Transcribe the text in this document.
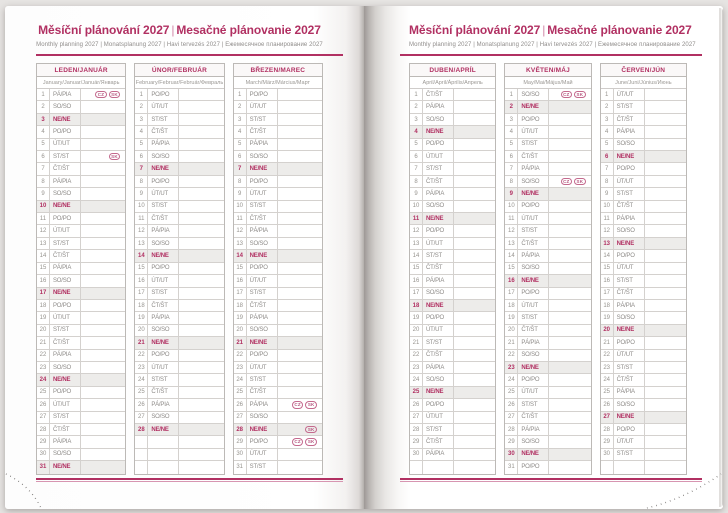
Měsíční plánování 2027 | Mesačné plánovanie 2027

Monthly planning 2027 | Monatsplanung 2027 | Havi tervezés 2027 | Ежемесячное планирование 2027

LEDEN/JANUÁR
January/Januar/Január/Январь
1	PÁ/PIA	CZ	SK
2	SO/SO
3	NE/NE
4	PO/PO
5	ÚT/UT
6	ST/ST	SK
7	ČT/ŠT
8	PÁ/PIA
9	SO/SO
10	NE/NE
11	PO/PO
12	ÚT/UT
13	ST/ST
14	ČT/ŠT
15	PÁ/PIA
16	SO/SO
17	NE/NE
18	PO/PO
19	ÚT/UT
20	ST/ST
21	ČT/ŠT
22	PÁ/PIA
23	SO/SO
24	NE/NE
25	PO/PO
26	ÚT/UT
27	ST/ST
28	ČT/ŠT
29	PÁ/PIA
30	SO/SO
31	NE/NE
ÚNOR/FEBRUÁR
February/Februar/Február/Февраль
1	PO/PO
2	ÚT/UT
3	ST/ST
4	ČT/ŠT
5	PÁ/PIA
6	SO/SO
7	NE/NE
8	PO/PO
9	ÚT/UT
10	ST/ST
11	ČT/ŠT
12	PÁ/PIA
13	SO/SO
14	NE/NE
15	PO/PO
16	ÚT/UT
17	ST/ST
18	ČT/ŠT
19	PÁ/PIA
20	SO/SO
21	NE/NE
22	PO/PO
23	ÚT/UT
24	ST/ST
25	ČT/ŠT
26	PÁ/PIA
27	SO/SO
28	NE/NE
BŘEZEN/MAREC
March/März/Március/Март
1	PO/PO
2	ÚT/UT
3	ST/ST
4	ČT/ŠT
5	PÁ/PIA
6	SO/SO
7	NE/NE
8	PO/PO
9	ÚT/UT
10	ST/ST
11	ČT/ŠT
12	PÁ/PIA
13	SO/SO
14	NE/NE
15	PO/PO
16	ÚT/UT
17	ST/ST
18	ČT/ŠT
19	PÁ/PIA
20	SO/SO
21	NE/NE
22	PO/PO
23	ÚT/UT
24	ST/ST
25	ČT/ŠT
26	PÁ/PIA	CZ	SK
27	SO/SO
28	NE/NE	SK
29	PO/PO	CZ	SK
30	ÚT/UT
31	ST/ST
Měsíční plánování 2027 | Mesačné plánovanie 2027

Monthly planning 2027 | Monatsplanung 2027 | Havi tervezés 2027 | Ежемесячное планирование 2027

DUBEN/APRÍL
April/April/Április/Апрель
1	ČT/ŠT
2	PÁ/PIA
3	SO/SO
4	NE/NE
5	PO/PO
6	ÚT/UT
7	ST/ST
8	ČT/ŠT
9	PÁ/PIA
10	SO/SO
11	NE/NE
12	PO/PO
13	ÚT/UT
14	ST/ST
15	ČT/ŠT
16	PÁ/PIA
17	SO/SO
18	NE/NE
19	PO/PO
20	ÚT/UT
21	ST/ST
22	ČT/ŠT
23	PÁ/PIA
24	SO/SO
25	NE/NE
26	PO/PO
27	ÚT/UT
28	ST/ST
29	ČT/ŠT
30	PÁ/PIA
KVĚTEN/MÁJ
May/Mai/Május/Май
1	SO/SO	CZ	SK
2	NE/NE
3	PO/PO
4	ÚT/UT
5	ST/ST
6	ČT/ŠT
7	PÁ/PIA
8	SO/SO	CZ	SK
9	NE/NE
10	PO/PO
11	ÚT/UT
12	ST/ST
13	ČT/ŠT
14	PÁ/PIA
15	SO/SO
16	NE/NE
17	PO/PO
18	ÚT/UT
19	ST/ST
20	ČT/ŠT
21	PÁ/PIA
22	SO/SO
23	NE/NE
24	PO/PO
25	ÚT/UT
26	ST/ST
27	ČT/ŠT
28	PÁ/PIA
29	SO/SO
30	NE/NE
31	PO/PO
ČERVEN/JÚN
June/Juni/Június/Июнь
1	ÚT/UT
2	ST/ST
3	ČT/ŠT
4	PÁ/PIA
5	SO/SO
6	NE/NE
7	PO/PO
8	ÚT/UT
9	ST/ST
10	ČT/ŠT
11	PÁ/PIA
12	SO/SO
13	NE/NE
14	PO/PO
15	ÚT/UT
16	ST/ST
17	ČT/ŠT
18	PÁ/PIA
19	SO/SO
20	NE/NE
21	PO/PO
22	ÚT/UT
23	ST/ST
24	ČT/ŠT
25	PÁ/PIA
26	SO/SO
27	NE/NE
28	PO/PO
29	ÚT/UT
30	ST/ST
